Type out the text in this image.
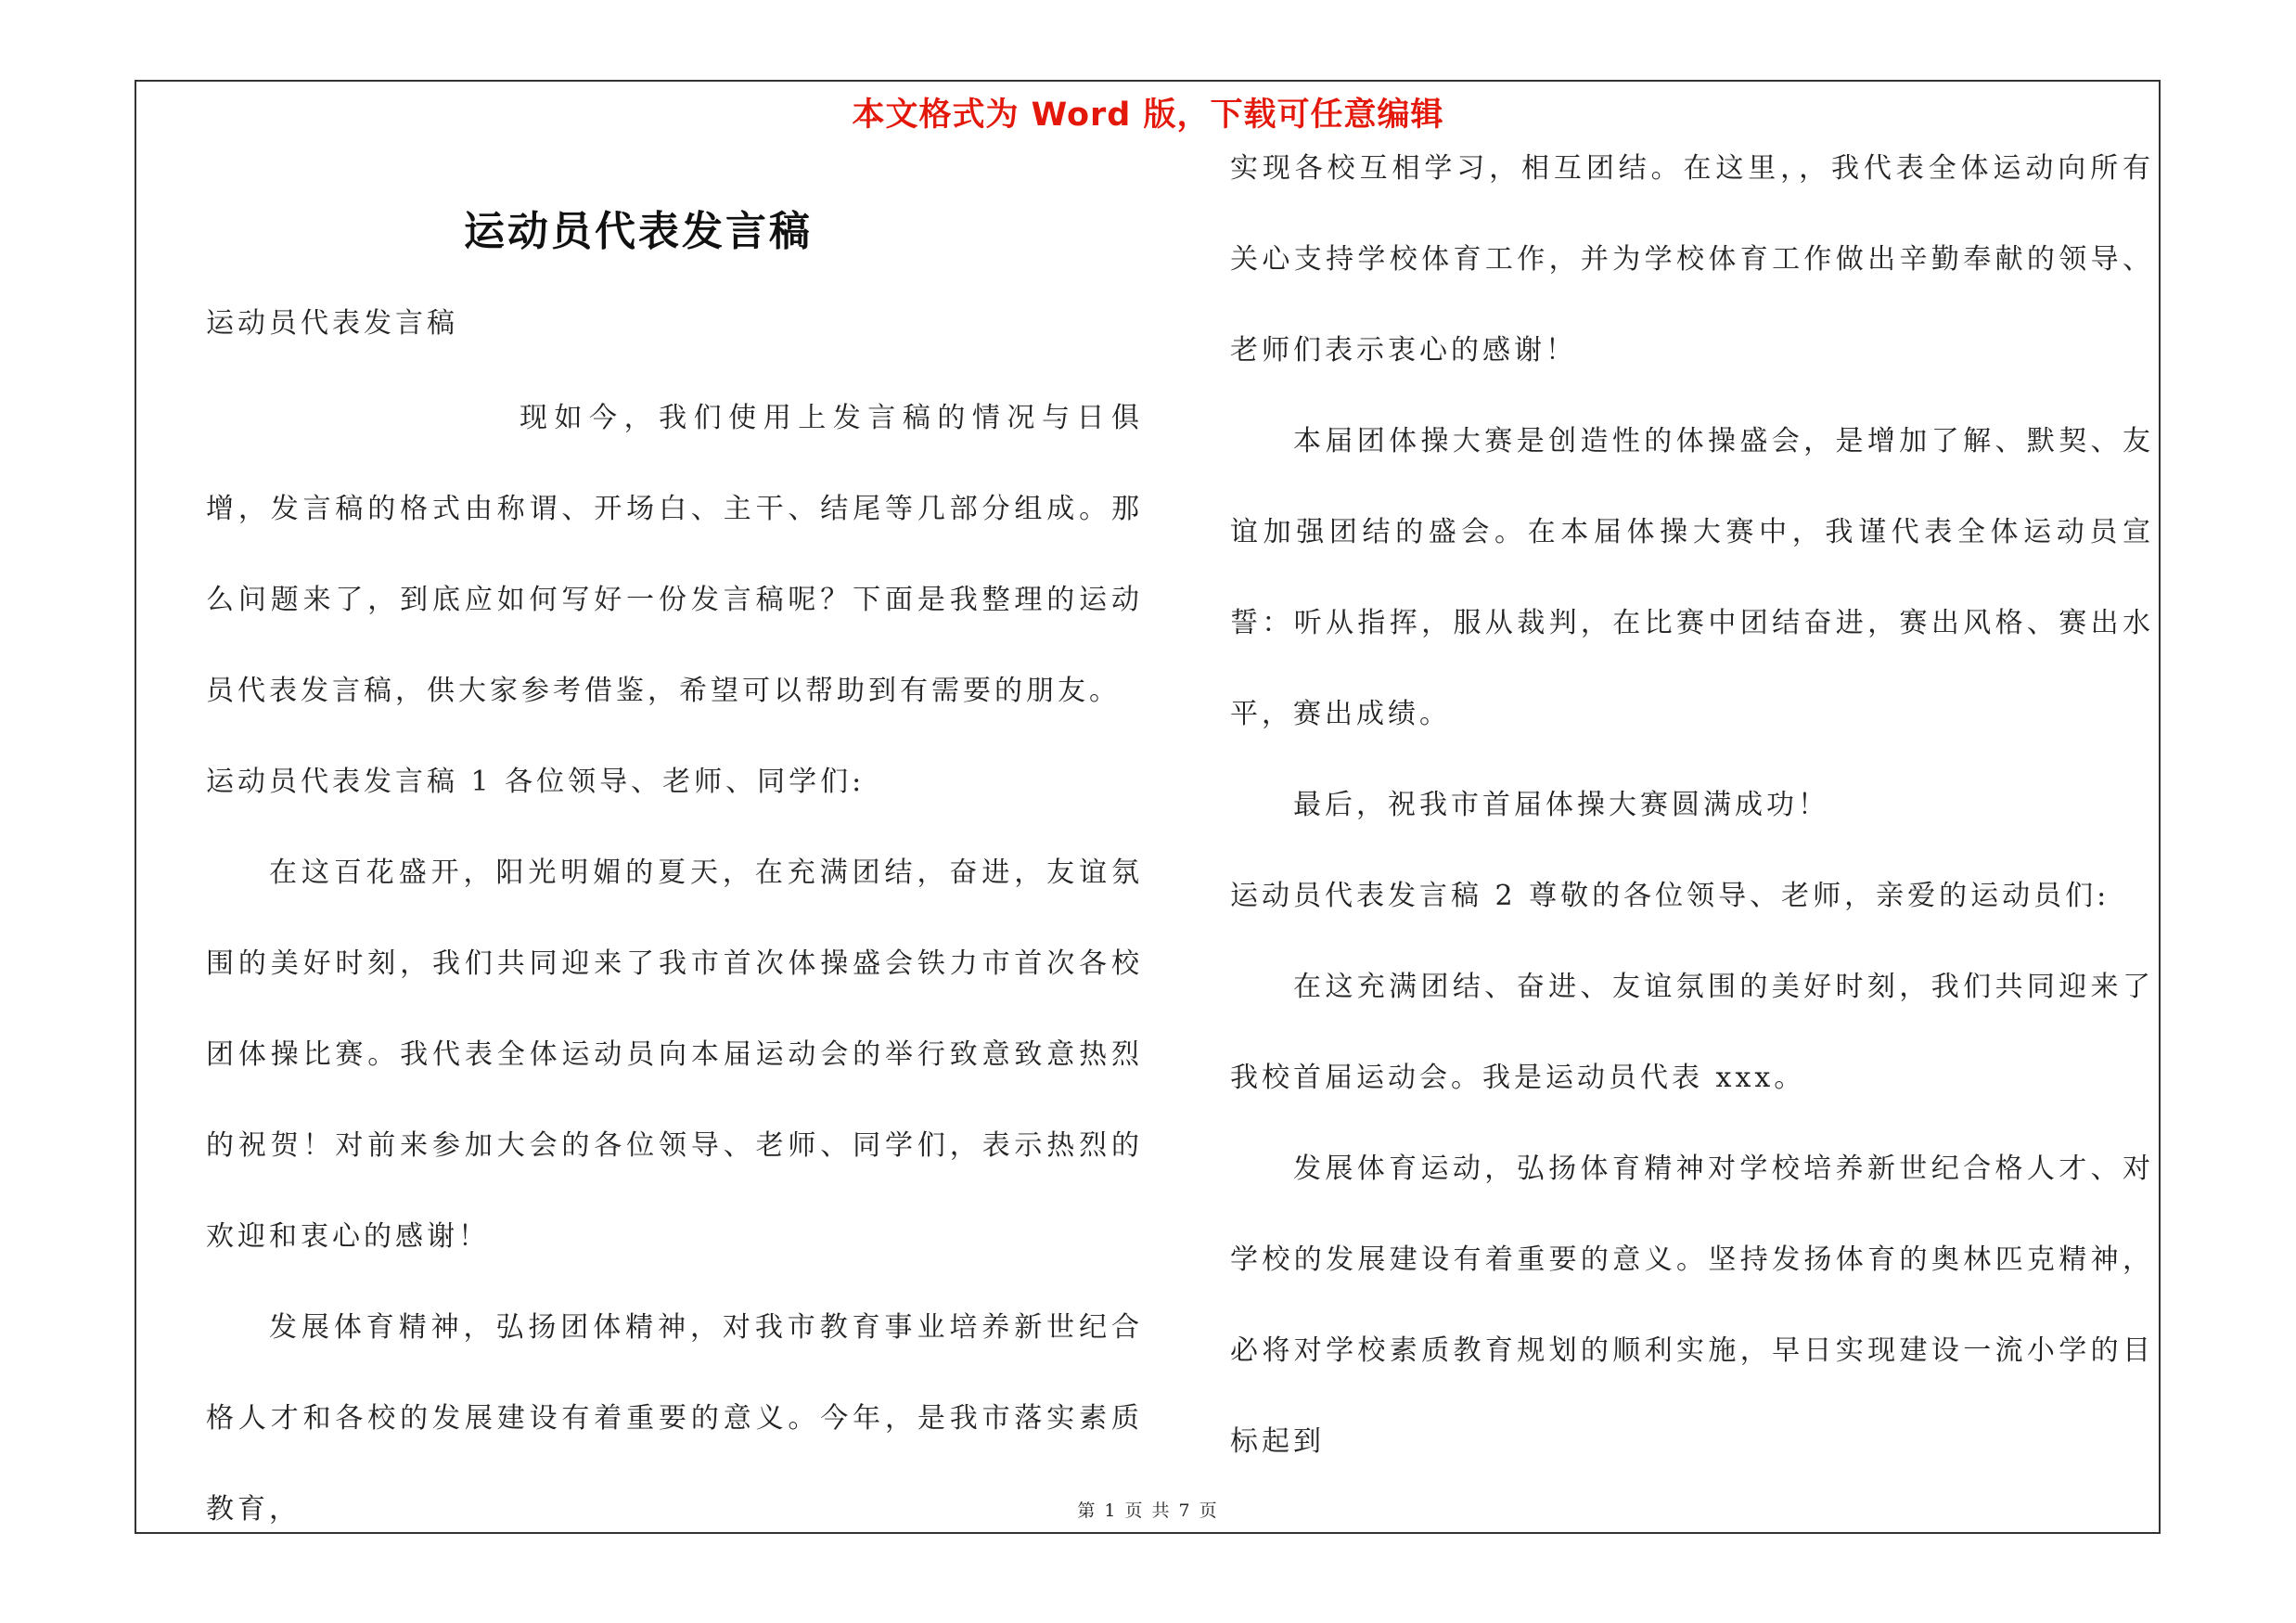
本文格式为 Word 版，下载可任意编辑
运动员代表发言稿
运动员代表发言稿

现如今，我们使用上发言稿的情况与日俱增，发言稿的格式由称谓、开场白、主干、结尾等几部分组成。那么问题来了，到底应如何写好一份发言稿呢？下面是我整理的运动员代表发言稿，供大家参考借鉴，希望可以帮助到有需要的朋友。

运动员代表发言稿 1 各位领导、老师、同学们:

在这百花盛开，阳光明媚的夏天，在充满团结，奋进，友谊氛围的美好时刻，我们共同迎来了我市首次体操盛会铁力市首次各校团体操比赛。我代表全体运动员向本届运动会的举行致意致意热烈的祝贺！对前来参加大会的各位领导、老师、同学们，表示热烈的欢迎和衷心的感谢！

发展体育精神，弘扬团体精神，对我市教育事业培养新世纪合格人才和各校的发展建设有着重要的意义。今年，是我市落实素质教育，

实现各校互相学习，相互团结。在这里，，我代表全体运动向所有关心支持学校体育工作，并为学校体育工作做出辛勤奉献的领导、老师们表示衷心的感谢！

本届团体操大赛是创造性的体操盛会，是增加了解、默契、友谊加强团结的盛会。在本届体操大赛中，我谨代表全体运动员宣誓：听从指挥，服从裁判，在比赛中团结奋进，赛出风格、赛出水平，赛出成绩。

最后，祝我市首届体操大赛圆满成功！

运动员代表发言稿 2 尊敬的各位领导、老师，亲爱的运动员们:

在这充满团结、奋进、友谊氛围的美好时刻，我们共同迎来了我校首届运动会。我是运动员代表 xxx。

发展体育运动，弘扬体育精神对学校培养新世纪合格人才、对学校的发展建设有着重要的意义。坚持发扬体育的奥林匹克精神，必将对学校素质教育规划的顺利实施，早日实现建设一流小学的目标起到

第 1 页 共 7 页
